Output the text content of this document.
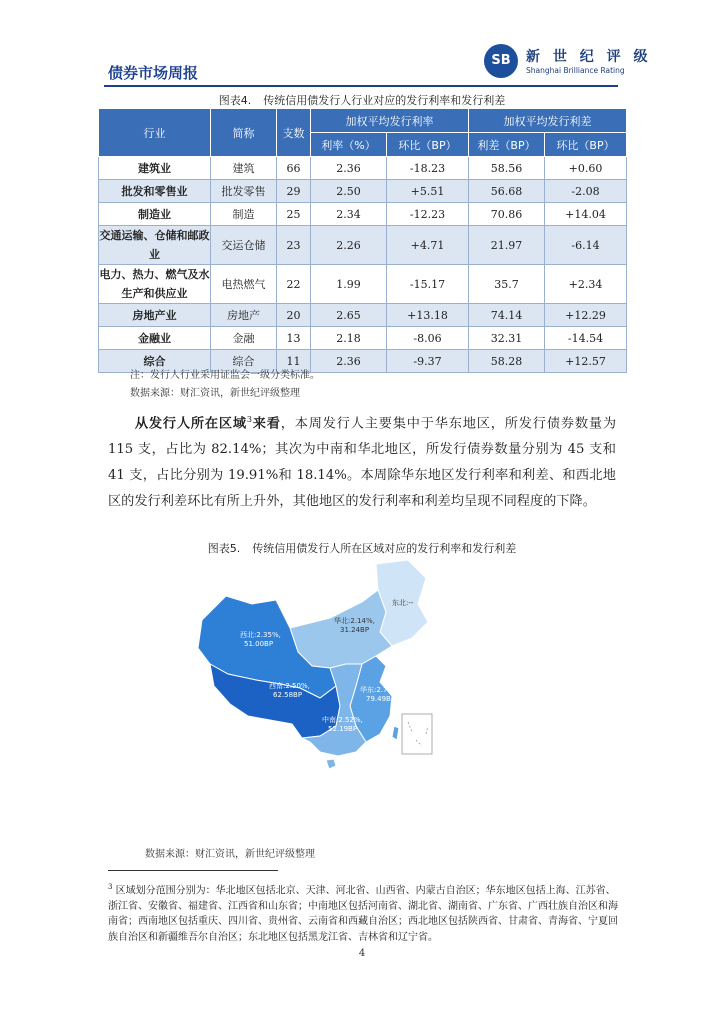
债券市场周报
SB	新 世 纪 评 级
Shanghai Brilliance Rating
图表4. 传统信用债发行人行业对应的发行利率和发行利差
行业	简称	支数	加权平均发行利率		加权平均发行利差	
			利率（%）	环比（BP）	利差（BP）	环比（BP）
建筑业	建筑	66	2.36	-18.23	58.56	+0.60
批发和零售业	批发零售	29	2.50	+5.51	56.68	-2.08
制造业	制造	25	2.34	-12.23	70.86	+14.04
交通运输、仓储和邮政业	交运仓储	23	2.26	+4.71	21.97	-6.14
电力、热力、燃气及水生产和供应业	电热燃气	22	1.99	-15.17	35.7	+2.34
房地产业	房地产	20	2.65	+13.18	74.14	+12.29
金融业	金融	13	2.18	-8.06	32.31	-14.54
综合	综合	11	2.36	-9.37	58.28	+12.57
注：发行人行业采用证监会一级分类标准。
数据来源：财汇资讯，新世纪评级整理
从发行人所在区域$^3$来看，本周发行人主要集中于华东地区，所发行债券数量为 115 支，占比为 82.14%；其次为中南和华北地区，所发行债券数量分别为 45 支和 41 支，占比分别为 19.91%和 18.14%。本周除华东地区发行利率和利差、和西北地区的发行利差环比有所上升外，其他地区的发行利率和利差均呈现不同程度的下降。
图表5. 传统信用债发行人所在区域对应的发行利率和发行利差
东北:--
华北:2.14%,
31.24BP
西北:2.35%,
51.00BP
西南:2.50%,
62.58BP
华东:2.78%,
79.49BP
中南:2.52%,
52.19BP
数据来源：财汇资讯，新世纪评级整理
$^3$ 区域划分范围分别为：华北地区包括北京、天津、河北省、山西省、内蒙古自治区；华东地区包括上海、江苏省、浙江省、安徽省、福建省、江西省和山东省；中南地区包括河南省、湖北省、湖南省、广东省、广西壮族自治区和海南省；西南地区包括重庆、四川省、贵州省、云南省和西藏自治区；西北地区包括陕西省、甘肃省、青海省、宁夏回族自治区和新疆维吾尔自治区；东北地区包括黑龙江省、吉林省和辽宁省。
4
